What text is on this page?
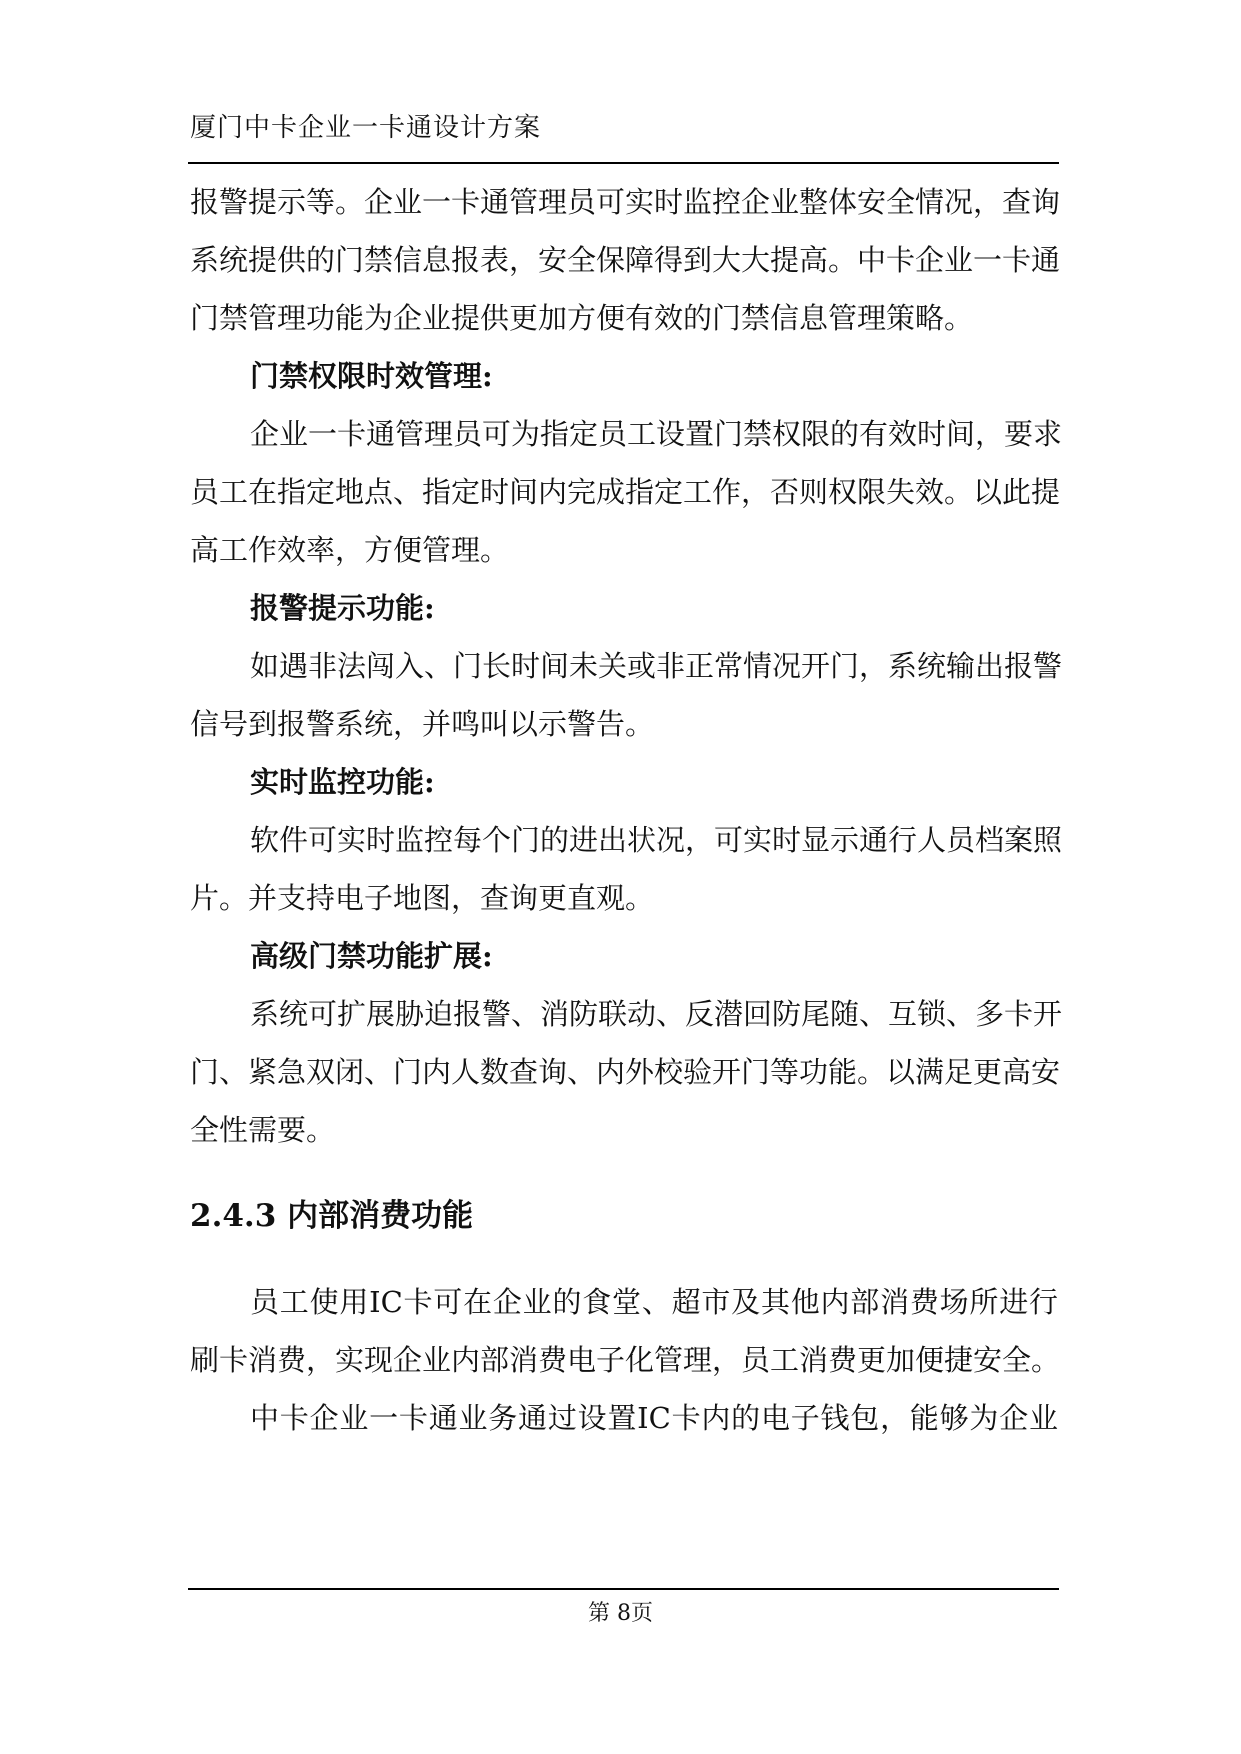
厦门中卡企业一卡通设计方案
报警提示等。企业一卡通管理员可实时监控企业整体安全情况，查询
系统提供的门禁信息报表，安全保障得到大大提高。中卡企业一卡通
门禁管理功能为企业提供更加方便有效的门禁信息管理策略。
门禁权限时效管理:
企业一卡通管理员可为指定员工设置门禁权限的有效时间，要求
员工在指定地点、指定时间内完成指定工作，否则权限失效。以此提
高工作效率，方便管理。
报警提示功能:
如遇非法闯入、门长时间未关或非正常情况开门，系统输出报警
信号到报警系统，并鸣叫以示警告。
实时监控功能:
软件可实时监控每个门的进出状况，可实时显示通行人员档案照
片。并支持电子地图，查询更直观。
高级门禁功能扩展:
系统可扩展胁迫报警、消防联动、反潜回防尾随、互锁、多卡开
门、紧急双闭、门内人数查询、内外校验开门等功能。以满足更高安
全性需要。
2.4.3 内部消费功能
员工使用IC卡可在企业的食堂、超市及其他内部消费场所进行
刷卡消费，实现企业内部消费电子化管理，员工消费更加便捷安全。
中卡企业一卡通业务通过设置IC卡内的电子钱包，能够为企业
第 8页
